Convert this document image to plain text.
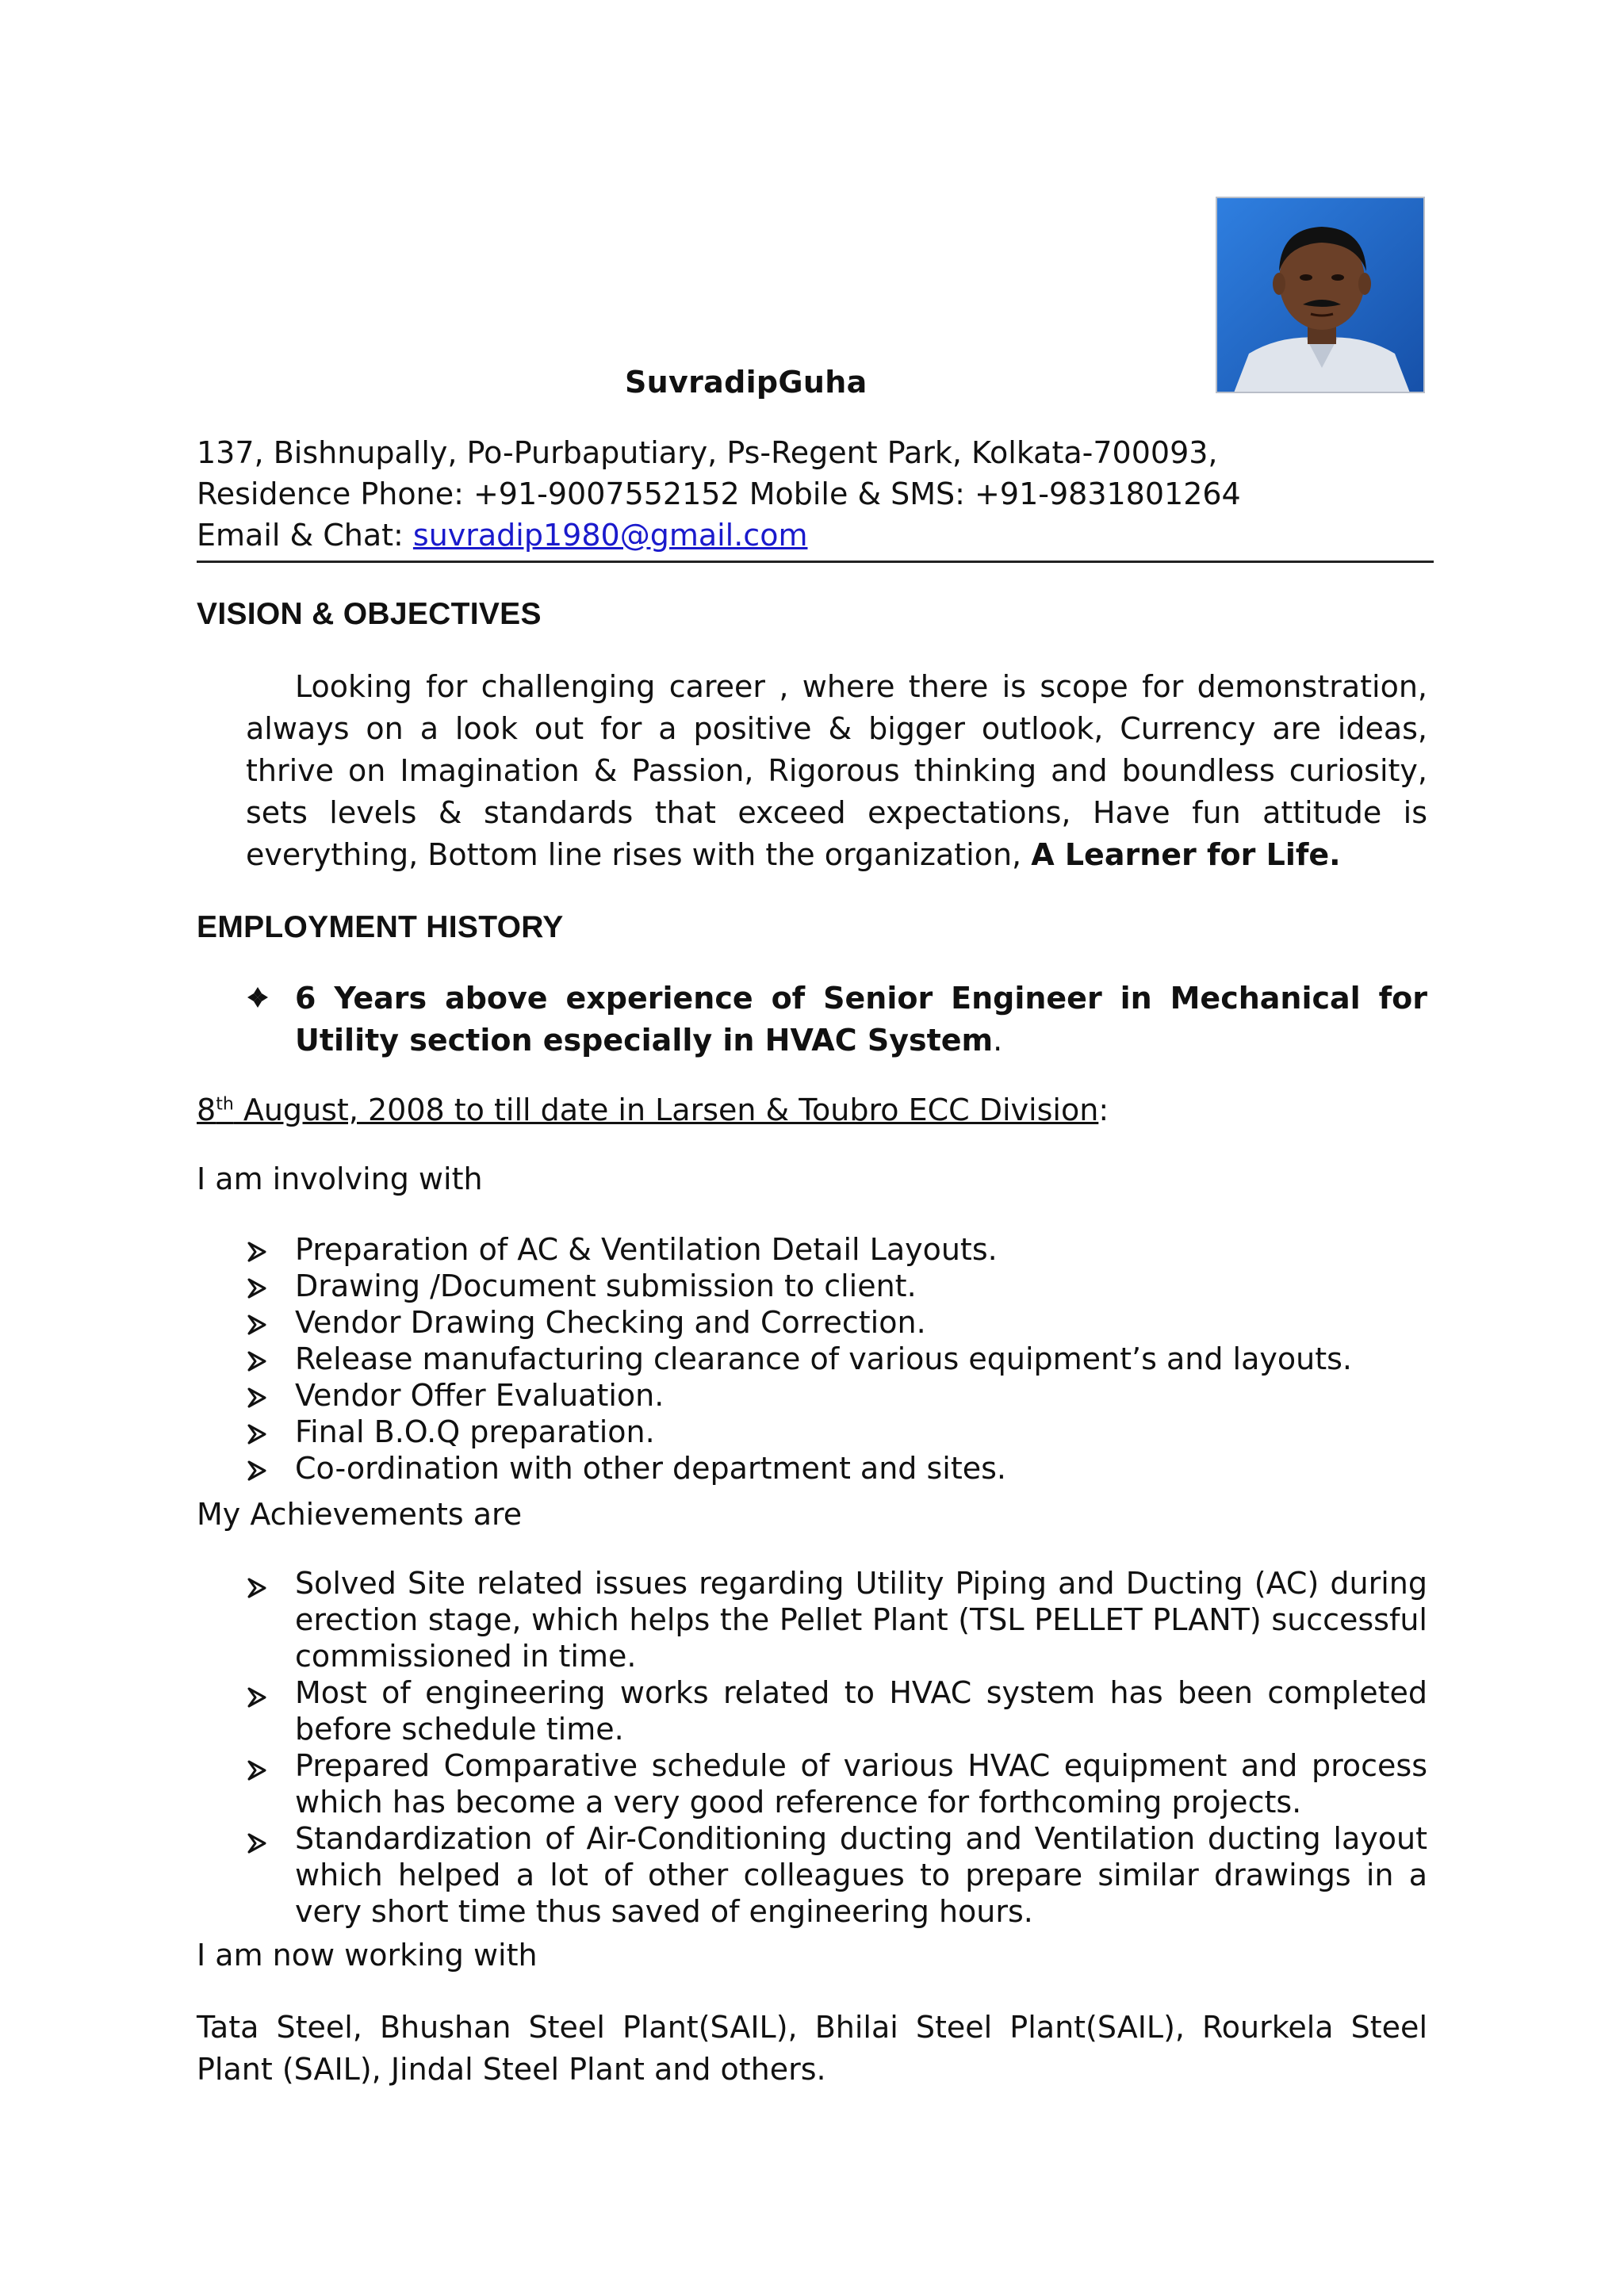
SuvradipGuha
137, Bishnupally, Po-Purbaputiary, Ps-Regent Park, Kolkata-700093,
Residence Phone: +91-9007552152 Mobile & SMS: +91-9831801264
Email & Chat: suvradip1980@gmail.com
VISION & OBJECTIVES
Looking for challenging career , where there is scope for demonstration,
always on a look out for a positive & bigger outlook, Currency are ideas,
thrive on Imagination & Passion, Rigorous thinking and boundless curiosity,
sets levels & standards that exceed expectations, Have fun attitude is
everything, Bottom line rises with the organization, A Learner for Life.
EMPLOYMENT HISTORY
6 Years above experience of Senior Engineer in Mechanical for
Utility section especially in HVAC System.
8th August, 2008 to till date in Larsen & Toubro ECC Division:
I am involving with
Preparation of AC & Ventilation Detail Layouts.
Drawing /Document submission to client.
Vendor Drawing Checking and Correction.
Release manufacturing clearance of various equipment’s and layouts.
Vendor Offer Evaluation.
Final B.O.Q preparation.
Co-ordination with other department and sites.
My Achievements are
Solved Site related issues regarding Utility Piping and Ducting (AC) during
erection stage, which helps the Pellet Plant (TSL PELLET PLANT) successful
commissioned in time.
Most of engineering works related to HVAC system has been completed
before schedule time.
Prepared Comparative schedule of various HVAC equipment and process
which has become a very good reference for forthcoming projects.
Standardization of Air-Conditioning ducting and Ventilation ducting layout
which helped a lot of other colleagues to prepare similar drawings in a
very short time thus saved of engineering hours.
I am now working with
Tata Steel, Bhushan Steel Plant(SAIL), Bhilai Steel Plant(SAIL), Rourkela Steel
Plant (SAIL), Jindal Steel Plant and others.
